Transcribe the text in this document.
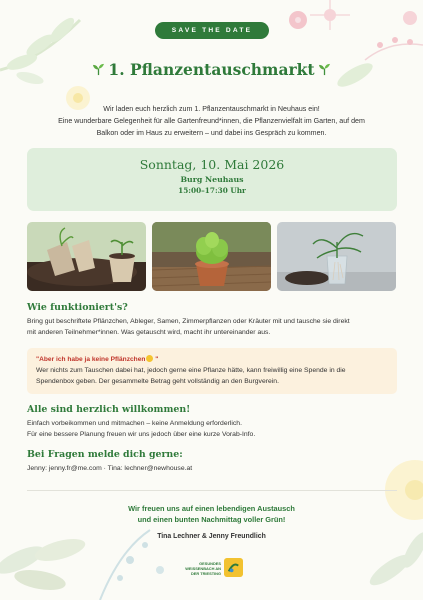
SAVE THE DATE
1. Pflanzentauschmarkt

Wir laden euch herzlich zum 1. Pflanzentauschmarkt in Neuhaus ein!

Eine wunderbare Gelegenheit für alle Gartenfreund*innen, die Pflanzenvielfalt im Garten, auf dem

Balkon oder im Haus zu erweitern – und dabei ins Gespräch zu kommen.

Sonntag, 10. Mai 2026
Burg Neuhaus
15:00–17:30 Uhr
Wie funktioniert's?

Bring gut beschriftete Pflänzchen, Ableger, Samen, Zimmerpflanzen oder Kräuter mit und tausche sie direkt

mit anderen Teilnehmer*innen. Was getauscht wird, macht ihr untereinander aus.

"Aber ich habe ja keine Pflänzchen "

Wer nichts zum Tauschen dabei hat, jedoch gerne eine Pflanze hätte, kann freiwillig eine Spende in die

Spendenbox geben. Der gesammelte Betrag geht vollständig an den Burgverein.

Alle sind herzlich willkommen!

Einfach vorbeikommen und mitmachen – keine Anmeldung erforderlich.

Für eine bessere Planung freuen wir uns jedoch über eine kurze Vorab-Info.

Bei Fragen melde dich gerne:
Jenny: jenny.fr@me.com · Tina: lechner@newhouse.at
Wir freuen uns auf einen lebendigen Austausch
und einen bunten Nachmittag voller Grün!
Tina Lechner & Jenny Freundlich
GESUNDES
WEISSENBACH AN
DER TRIESTING
